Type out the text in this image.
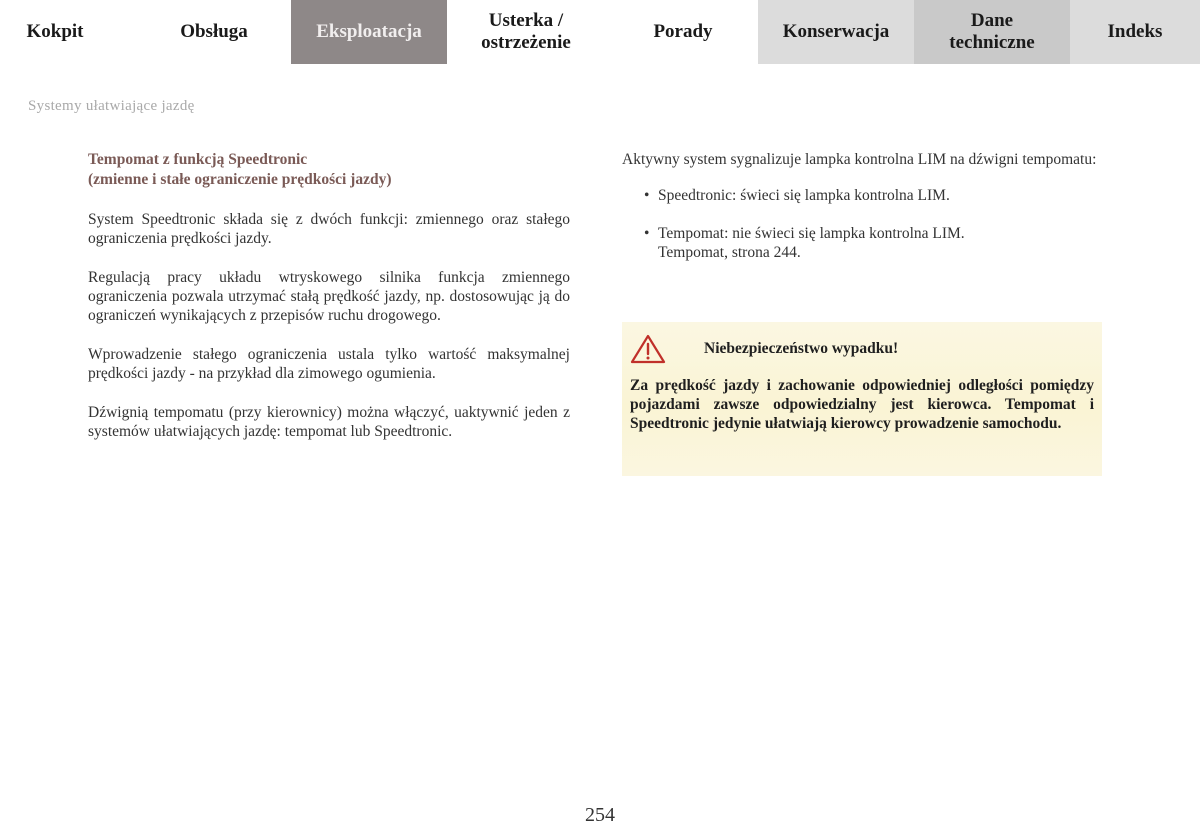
Kokpit	Obsługa	Eksploatacja
Usterka /
ostrzeżenie
Porady	Konserwacja
Dane
techniczne
Indeks
Systemy ułatwiające jazdę
Tempomat z funkcją Speedtronic
(zmienne i stałe ograniczenie prędkości jazdy)

System Speedtronic składa się z dwóch funkcji: zmiennego oraz stałego ograniczenia prędkości jazdy.

Regulacją pracy układu wtryskowego silnika funkcja zmiennego ograniczenia pozwala utrzymać stałą prędkość jazdy, np. dostosowując ją do ograniczeń wynikających z przepisów ruchu drogowego.

Wprowadzenie stałego ograniczenia ustala tylko wartość maksymalnej prędkości jazdy - na przykład dla zimowego ogumienia.

Dźwignią tempomatu (przy kierownicy) można włączyć, uaktywnić jeden z systemów ułatwiających jazdę: tempomat lub Speedtronic.

Aktywny system sygnalizuje lampka kontrolna LIM na dźwigni tempomatu:

• Speedtronic: świeci się lampka kontrolna LIM.
• Tempomat: nie świeci się lampka kontrolna LIM.
Tempomat, strona 244.
Niebezpieczeństwo wypadku!

Za prędkość jazdy i zachowanie odpowiedniej odległości pomiędzy pojazdami zawsze odpowiedzialny jest kierowca. Tempomat i Speedtronic jedynie ułatwiają kierowcy prowadzenie samochodu.

254
